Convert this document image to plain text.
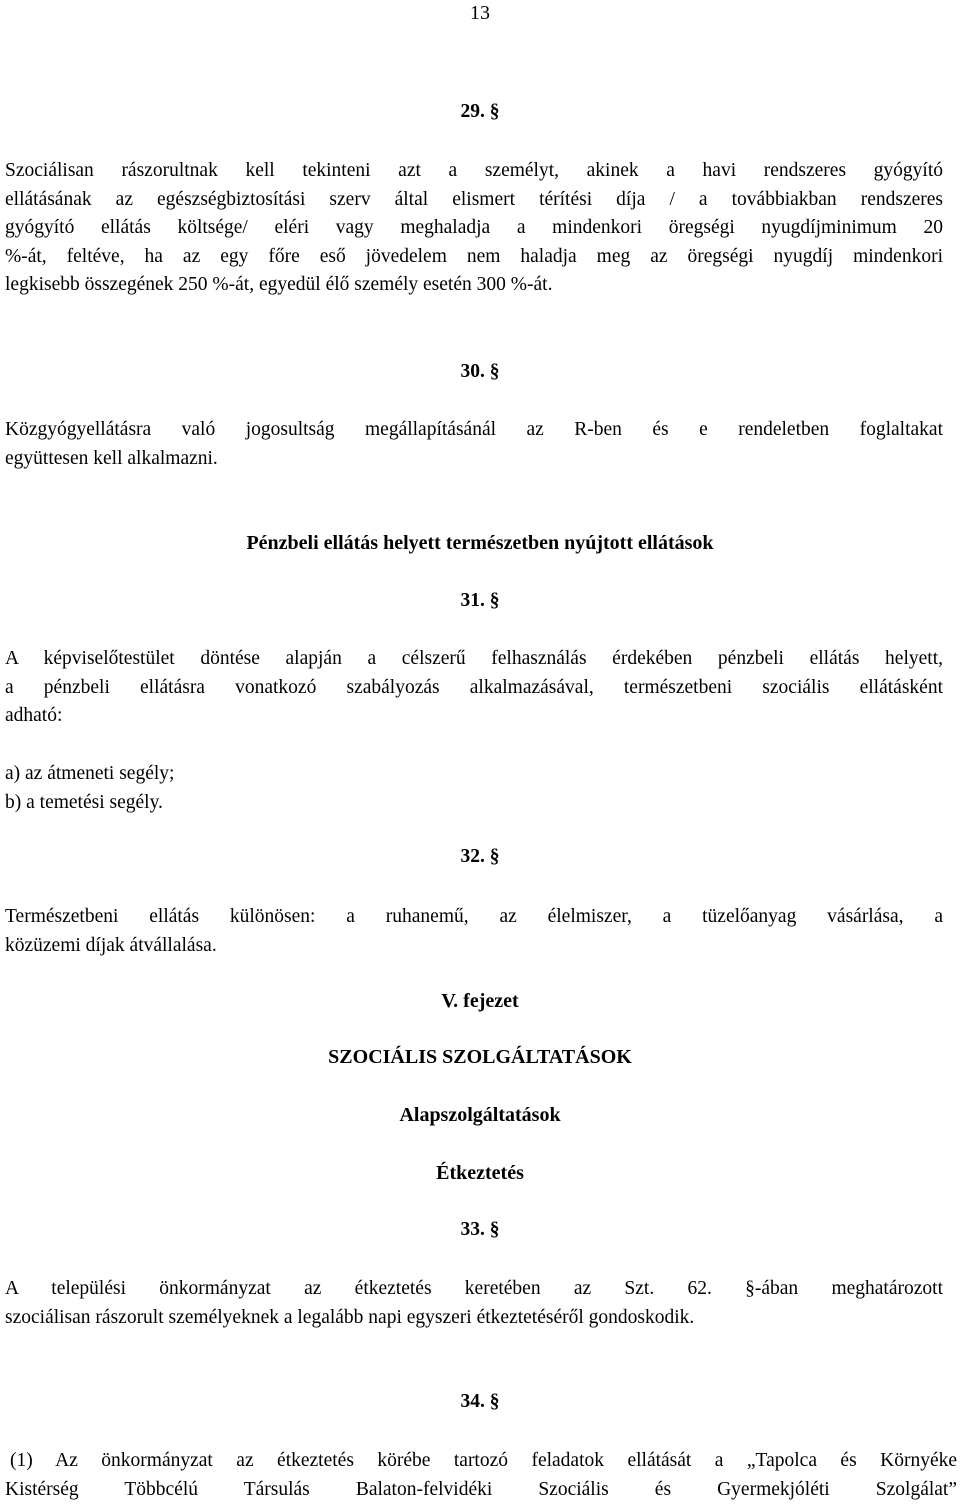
13
29. §
Szociálisan rászorultnak kell tekinteni azt a személyt, akinek a havi rendszeres gyógyító
ellátásának az egészségbiztosítási szerv által elismert térítési díja / a továbbiakban rendszeres
gyógyító ellátás költsége/ eléri vagy meghaladja a mindenkori öregségi nyugdíjminimum 20
%-át, feltéve, ha az egy főre eső jövedelem nem haladja meg az öregségi nyugdíj mindenkori
legkisebb összegének 250 %-át, egyedül élő személy esetén 300 %-át.
30. §
Közgyógyellátásra való jogosultság megállapításánál az R-ben és e rendeletben foglaltakat
együttesen kell alkalmazni.
Pénzbeli ellátás helyett természetben nyújtott ellátások
31. §
A képviselőtestület döntése alapján a célszerű felhasználás érdekében pénzbeli ellátás helyett,
a pénzbeli ellátásra vonatkozó szabályozás alkalmazásával, természetbeni szociális ellátásként
adható:
a) az átmeneti segély;
b) a temetési segély.
32. §
Természetbeni ellátás különösen: a ruhanemű, az élelmiszer, a tüzelőanyag vásárlása, a
közüzemi díjak átvállalása.
V. fejezet
SZOCIÁLIS SZOLGÁLTATÁSOK
Alapszolgáltatások
Étkeztetés
33. §
A települési önkormányzat az étkeztetés keretében az Szt. 62. §-ában meghatározott
szociálisan rászorult személyeknek a legalább napi egyszeri étkeztetéséről gondoskodik.
34. §
(1) Az önkormányzat az étkeztetés körébe tartozó feladatok ellátását a „Tapolca és Környéke
Kistérség Többcélú Társulás Balaton-felvidéki Szociális és Gyermekjóléti Szolgálat”
